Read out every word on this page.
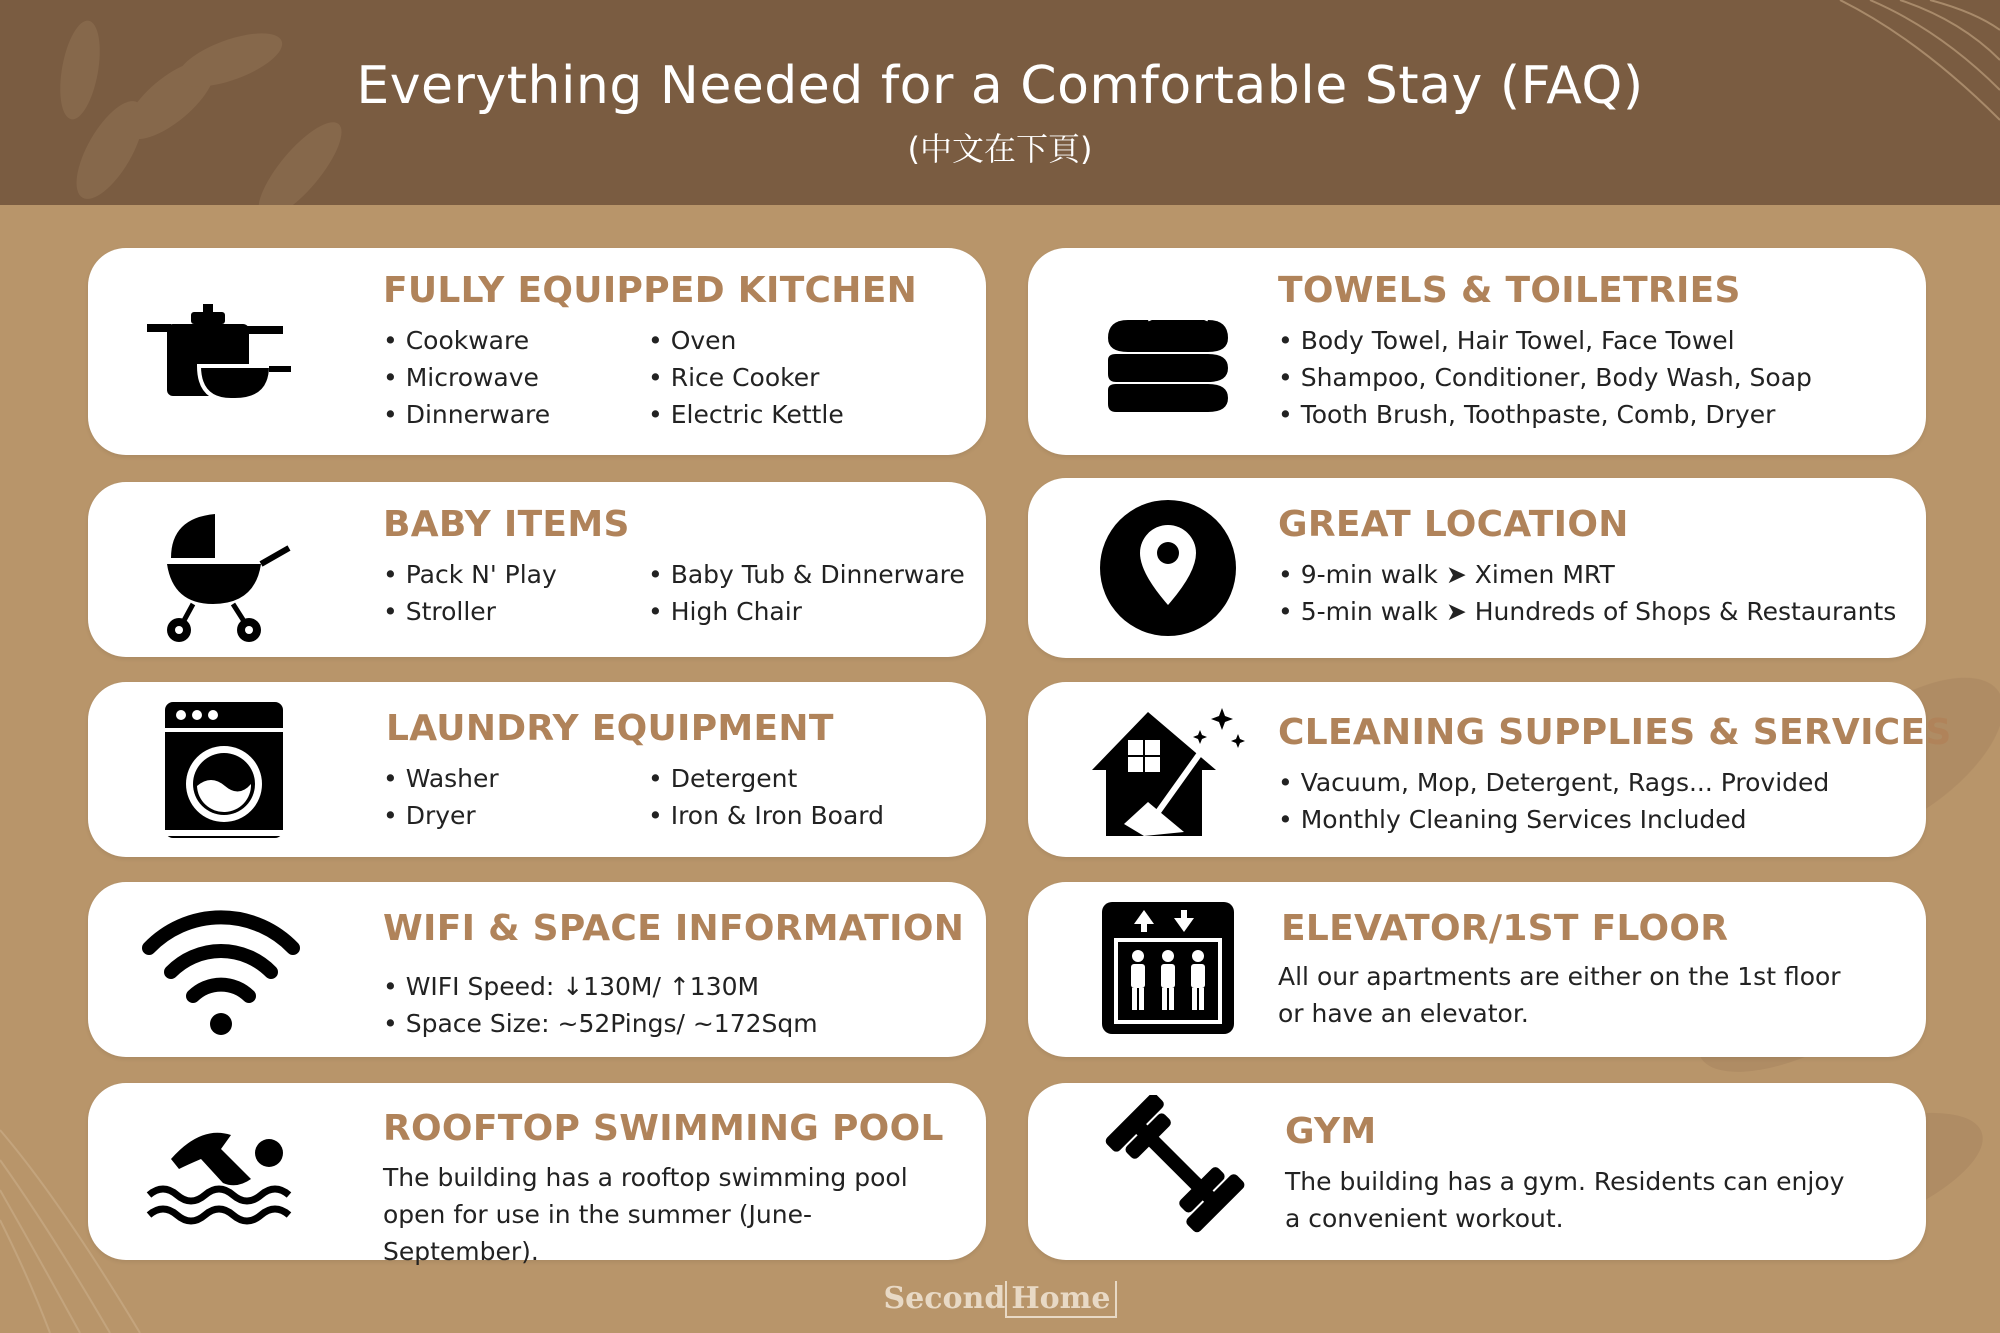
Everything Needed for a Comfortable Stay (FAQ)
(中文在下頁)
FULLY EQUIPPED KITCHEN
• Cookware	• Oven
• Microwave	• Rice Cooker
• Dinnerware	• Electric Kettle
TOWELS & TOILETRIES
• Body Towel, Hair Towel, Face Towel
• Shampoo, Conditioner, Body Wash, Soap
• Tooth Brush, Toothpaste, Comb, Dryer
BABY ITEMS
• Pack N' Play	• Baby Tub & Dinnerware
• Stroller	• High Chair
GREAT LOCATION
• 9-min walk ➤ Ximen MRT
• 5-min walk ➤ Hundreds of Shops & Restaurants
LAUNDRY EQUIPMENT
• Washer	• Detergent
• Dryer	• Iron & Iron Board
CLEANING SUPPLIES & SERVICES
• Vacuum, Mop, Detergent, Rags... Provided
• Monthly Cleaning Services Included
WIFI & SPACE INFORMATION
• WIFI Speed: ↓130M/ ↑130M
• Space Size: ~52Pings/ ~172Sqm
ELEVATOR/1ST FLOOR
All our apartments are either on the 1st floor or have an elevator.
ROOFTOP SWIMMING POOL
The building has a rooftop swimming pool open for use in the summer (June-September).
GYM
The building has a gym. Residents can enjoy a convenient workout.
Second Home
